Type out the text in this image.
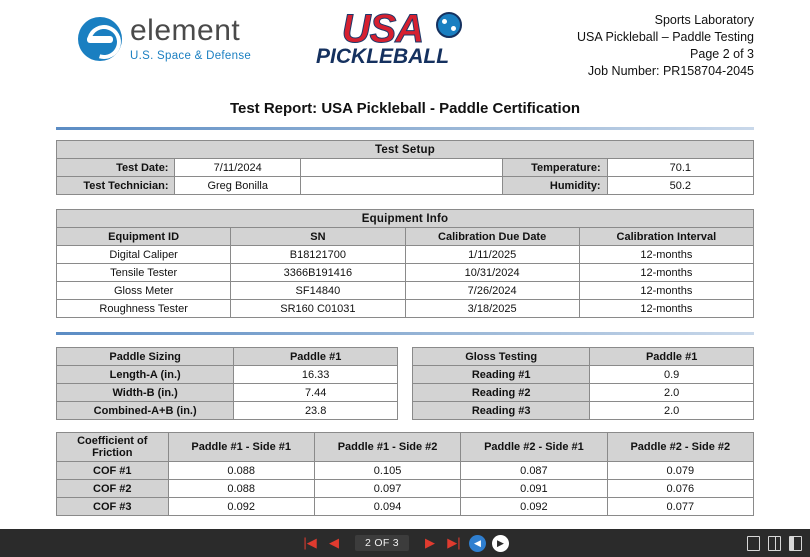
element
U.S. Space & Defense
USA
PICKLEBALL
Sports Laboratory
USA Pickleball – Paddle Testing
Page 2 of 3
Job Number: PR158704-2045
Test Report: USA Pickleball - Paddle Certification
Test Setup				
Test Date:	7/11/2024		Temperature:	70.1
Test Technician:	Greg Bonilla		Humidity:	50.2
Equipment Info			
Equipment ID	SN	Calibration Due Date	Calibration Interval
Digital Caliper	B18121700	1/11/2025	12-months
Tensile Tester	3366B191416	10/31/2024	12-months
Gloss Meter	SF14840	7/26/2024	12-months
Roughness Tester	SR160 C01031	3/18/2025	12-months
Paddle Sizing	Paddle #1
Length-A (in.)	16.33
Width-B (in.)	7.44
Combined-A+B (in.)	23.8
Gloss Testing	Paddle #1
Reading #1	0.9
Reading #2	2.0
Reading #3	2.0
Coefficient of Friction	Paddle #1 - Side #1	Paddle #1 - Side #2	Paddle #2 - Side #1	Paddle #2 - Side #2
COF #1	0.088	0.105	0.087	0.079
COF #2	0.088	0.097	0.091	0.076
COF #3	0.092	0.094	0.092	0.077

|◀ ◀	2 OF 3	▶ ▶|	◀	▶
